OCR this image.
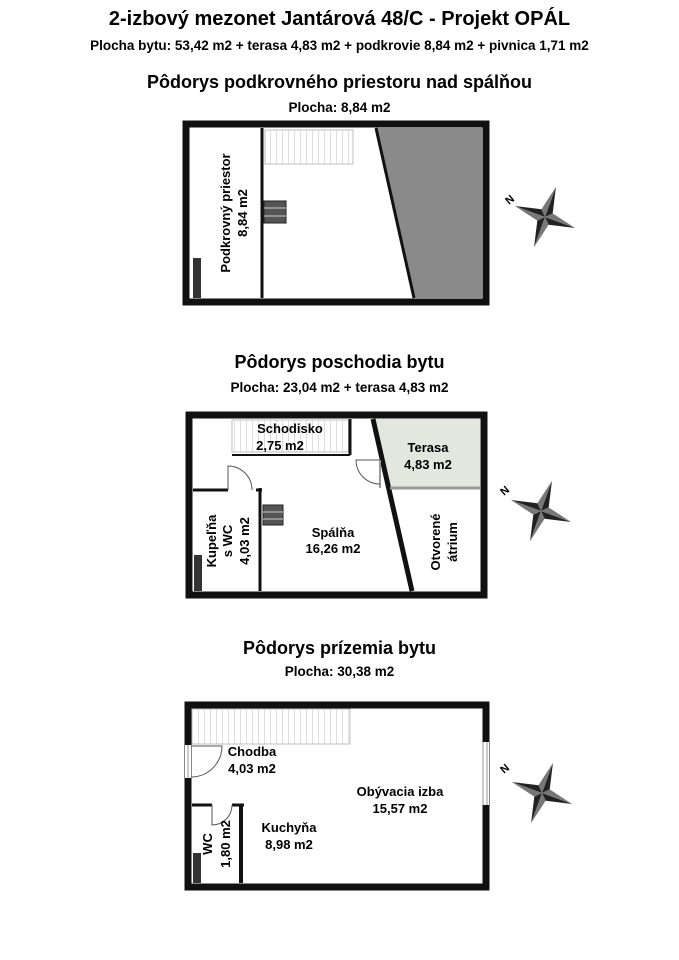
2-izbový mezonet Jantárová 48/C - Projekt OPÁL
Plocha bytu: 53,42 m2 + terasa 4,83 m2 + podkrovie 8,84 m2 + pivnica 1,71 m2
Pôdorys podkrovného priestoru nad spálňou
Plocha: 8,84 m2
Pôdorys poschodia bytu
Plocha: 23,04 m2 + terasa 4,83 m2
Pôdorys prízemia bytu
Plocha: 30,38 m2
Podkrovný priestor 8,84 m2	N
Schodisko
2,75 m2	Terasa
4,83 m2
Kupeľňa s WC 4,03 m2	Spálňa
16,26 m2	Otvorené átrium
N
Chodba
4,03 m2
Obývacia izba
15,57 m2
Kuchyňa
8,98 m2
WC 1,80 m2
N
